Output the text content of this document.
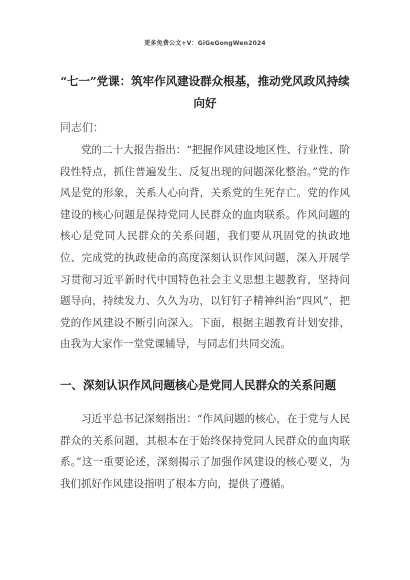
更多免费公文+V：GiGeGongWen2024
“七一”党课：筑牢作风建设群众根基，推动党风政风持续向好
同志们：

党的二十大报告指出：“把握作风建设地区性、行业性、阶段性特点，抓住普遍发生、反复出现的问题深化整治。”党的作风是党的形象，关系人心向背，关系党的生死存亡。党的作风建设的核心问题是保持党同人民群众的血肉联系。作风问题的核心是党同人民群众的关系问题，我们要从巩固党的执政地位、完成党的执政使命的高度深刻认识作风问题，深入开展学习贯彻习近平新时代中国特色社会主义思想主题教育，坚持问题导向，持续发力、久久为功，以钉钉子精神纠治“四风”，把党的作风建设不断引向深入。下面，根据主题教育计划安排，由我为大家作一堂党课辅导，与同志们共同交流。

一、深刻认识作风问题核心是党同人民群众的关系问题

习近平总书记深刻指出：“作风问题的核心，在于党与人民群众的关系问题，其根本在于始终保持党同人民群众的血肉联系。”这一重要论述，深刻揭示了加强作风建设的核心要义，为我们抓好作风建设指明了根本方向，提供了遵循。
